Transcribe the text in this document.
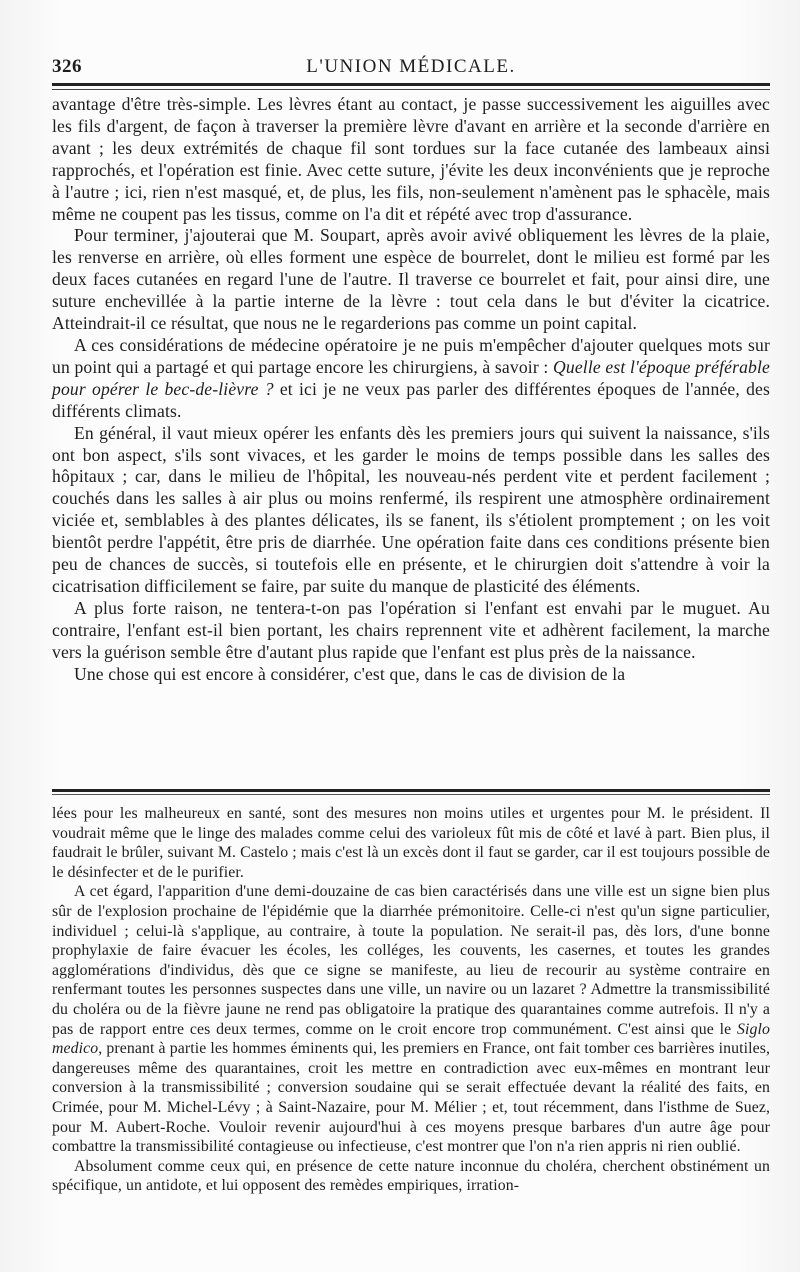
326	L'UNION MÉDICALE.

avantage d'être très-simple. Les lèvres étant au contact, je passe successivement les aiguilles avec les fils d'argent, de façon à traverser la première lèvre d'avant en arrière et la seconde d'arrière en avant ; les deux extrémités de chaque fil sont tordues sur la face cutanée des lambeaux ainsi rapprochés, et l'opération est finie. Avec cette suture, j'évite les deux inconvénients que je reproche à l'autre ; ici, rien n'est masqué, et, de plus, les fils, non-seulement n'amènent pas le sphacèle, mais même ne coupent pas les tissus, comme on l'a dit et répété avec trop d'assurance.

Pour terminer, j'ajouterai que M. Soupart, après avoir avivé obliquement les lèvres de la plaie, les renverse en arrière, où elles forment une espèce de bourrelet, dont le milieu est formé par les deux faces cutanées en regard l'une de l'autre. Il traverse ce bourrelet et fait, pour ainsi dire, une suture enchevillée à la partie interne de la lèvre : tout cela dans le but d'éviter la cicatrice. Atteindrait-il ce résultat, que nous ne le regarderions pas comme un point capital.

A ces considérations de médecine opératoire je ne puis m'empêcher d'ajouter quelques mots sur un point qui a partagé et qui partage encore les chirurgiens, à savoir : Quelle est l'époque préférable pour opérer le bec-de-lièvre ? et ici je ne veux pas parler des différentes époques de l'année, des différents climats.

En général, il vaut mieux opérer les enfants dès les premiers jours qui suivent la naissance, s'ils ont bon aspect, s'ils sont vivaces, et les garder le moins de temps possible dans les salles des hôpitaux ; car, dans le milieu de l'hôpital, les nouveau-nés perdent vite et perdent facilement ; couchés dans les salles à air plus ou moins renfermé, ils respirent une atmosphère ordinairement viciée et, semblables à des plantes délicates, ils se fanent, ils s'étiolent promptement ; on les voit bientôt perdre l'appétit, être pris de diarrhée. Une opération faite dans ces conditions présente bien peu de chances de succès, si toutefois elle en présente, et le chirurgien doit s'attendre à voir la cicatrisation difficilement se faire, par suite du manque de plasticité des éléments.

A plus forte raison, ne tentera-t-on pas l'opération si l'enfant est envahi par le muguet. Au contraire, l'enfant est-il bien portant, les chairs reprennent vite et adhèrent facilement, la marche vers la guérison semble être d'autant plus rapide que l'enfant est plus près de la naissance.

Une chose qui est encore à considérer, c'est que, dans le cas de division de la

lées pour les malheureux en santé, sont des mesures non moins utiles et urgentes pour M. le président. Il voudrait même que le linge des malades comme celui des varioleux fût mis de côté et lavé à part. Bien plus, il faudrait le brûler, suivant M. Castelo ; mais c'est là un excès dont il faut se garder, car il est toujours possible de le désinfecter et de le purifier.

A cet égard, l'apparition d'une demi-douzaine de cas bien caractérisés dans une ville est un signe bien plus sûr de l'explosion prochaine de l'épidémie que la diarrhée prémonitoire. Celle-ci n'est qu'un signe particulier, individuel ; celui-là s'applique, au contraire, à toute la population. Ne serait-il pas, dès lors, d'une bonne prophylaxie de faire évacuer les écoles, les colléges, les couvents, les casernes, et toutes les grandes agglomérations d'individus, dès que ce signe se manifeste, au lieu de recourir au système contraire en renfermant toutes les personnes suspectes dans une ville, un navire ou un lazaret ? Admettre la transmissibilité du choléra ou de la fièvre jaune ne rend pas obligatoire la pratique des quarantaines comme autrefois. Il n'y a pas de rapport entre ces deux termes, comme on le croit encore trop communément. C'est ainsi que le Siglo medico, prenant à partie les hommes éminents qui, les premiers en France, ont fait tomber ces barrières inutiles, dangereuses même des quarantaines, croit les mettre en contradiction avec eux-mêmes en montrant leur conversion à la transmissibilité ; conversion soudaine qui se serait effectuée devant la réalité des faits, en Crimée, pour M. Michel-Lévy ; à Saint-Nazaire, pour M. Mélier ; et, tout récemment, dans l'isthme de Suez, pour M. Aubert-Roche. Vouloir revenir aujourd'hui à ces moyens presque barbares d'un autre âge pour combattre la transmissibilité contagieuse ou infectieuse, c'est montrer que l'on n'a rien appris ni rien oublié.

Absolument comme ceux qui, en présence de cette nature inconnue du choléra, cherchent obstinément un spécifique, un antidote, et lui opposent des remèdes empiriques, irration-
